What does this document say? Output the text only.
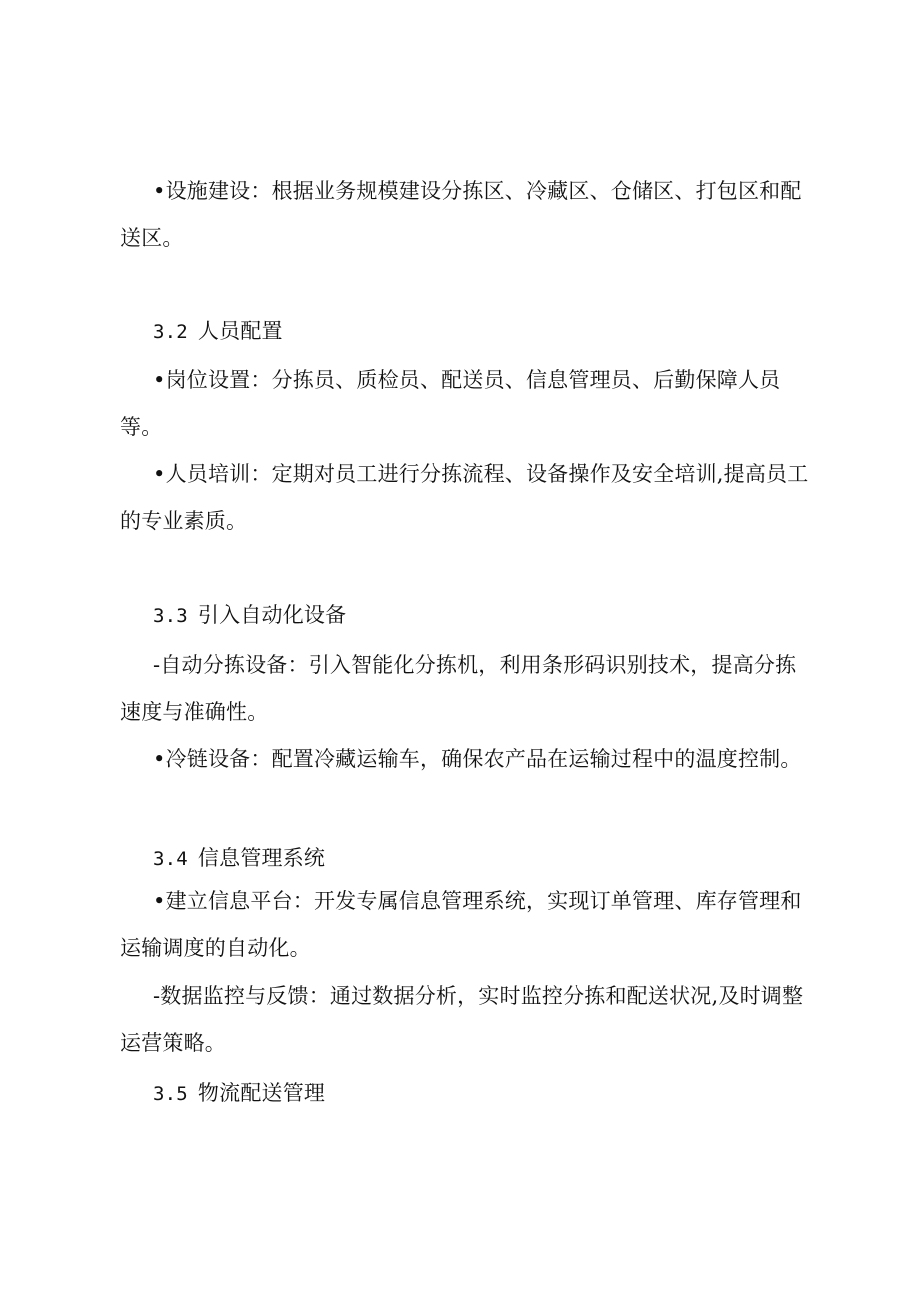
•设施建设：根据业务规模建设分拣区、冷藏区、仓储区、打包区和配送区。

3.2 人员配置

•岗位设置：分拣员、质检员、配送员、信息管理员、后勤保障人员等。

•人员培训：定期对员工进行分拣流程、设备操作及安全培训,提高员工的专业素质。

3.3 引入自动化设备

-自动分拣设备：引入智能化分拣机，利用条形码识别技术，提高分拣速度与准确性。

•冷链设备：配置冷藏运输车，确保农产品在运输过程中的温度控制。

3.4 信息管理系统

•建立信息平台：开发专属信息管理系统，实现订单管理、库存管理和运输调度的自动化。

-数据监控与反馈：通过数据分析，实时监控分拣和配送状况,及时调整运营策略。

3.5 物流配送管理
